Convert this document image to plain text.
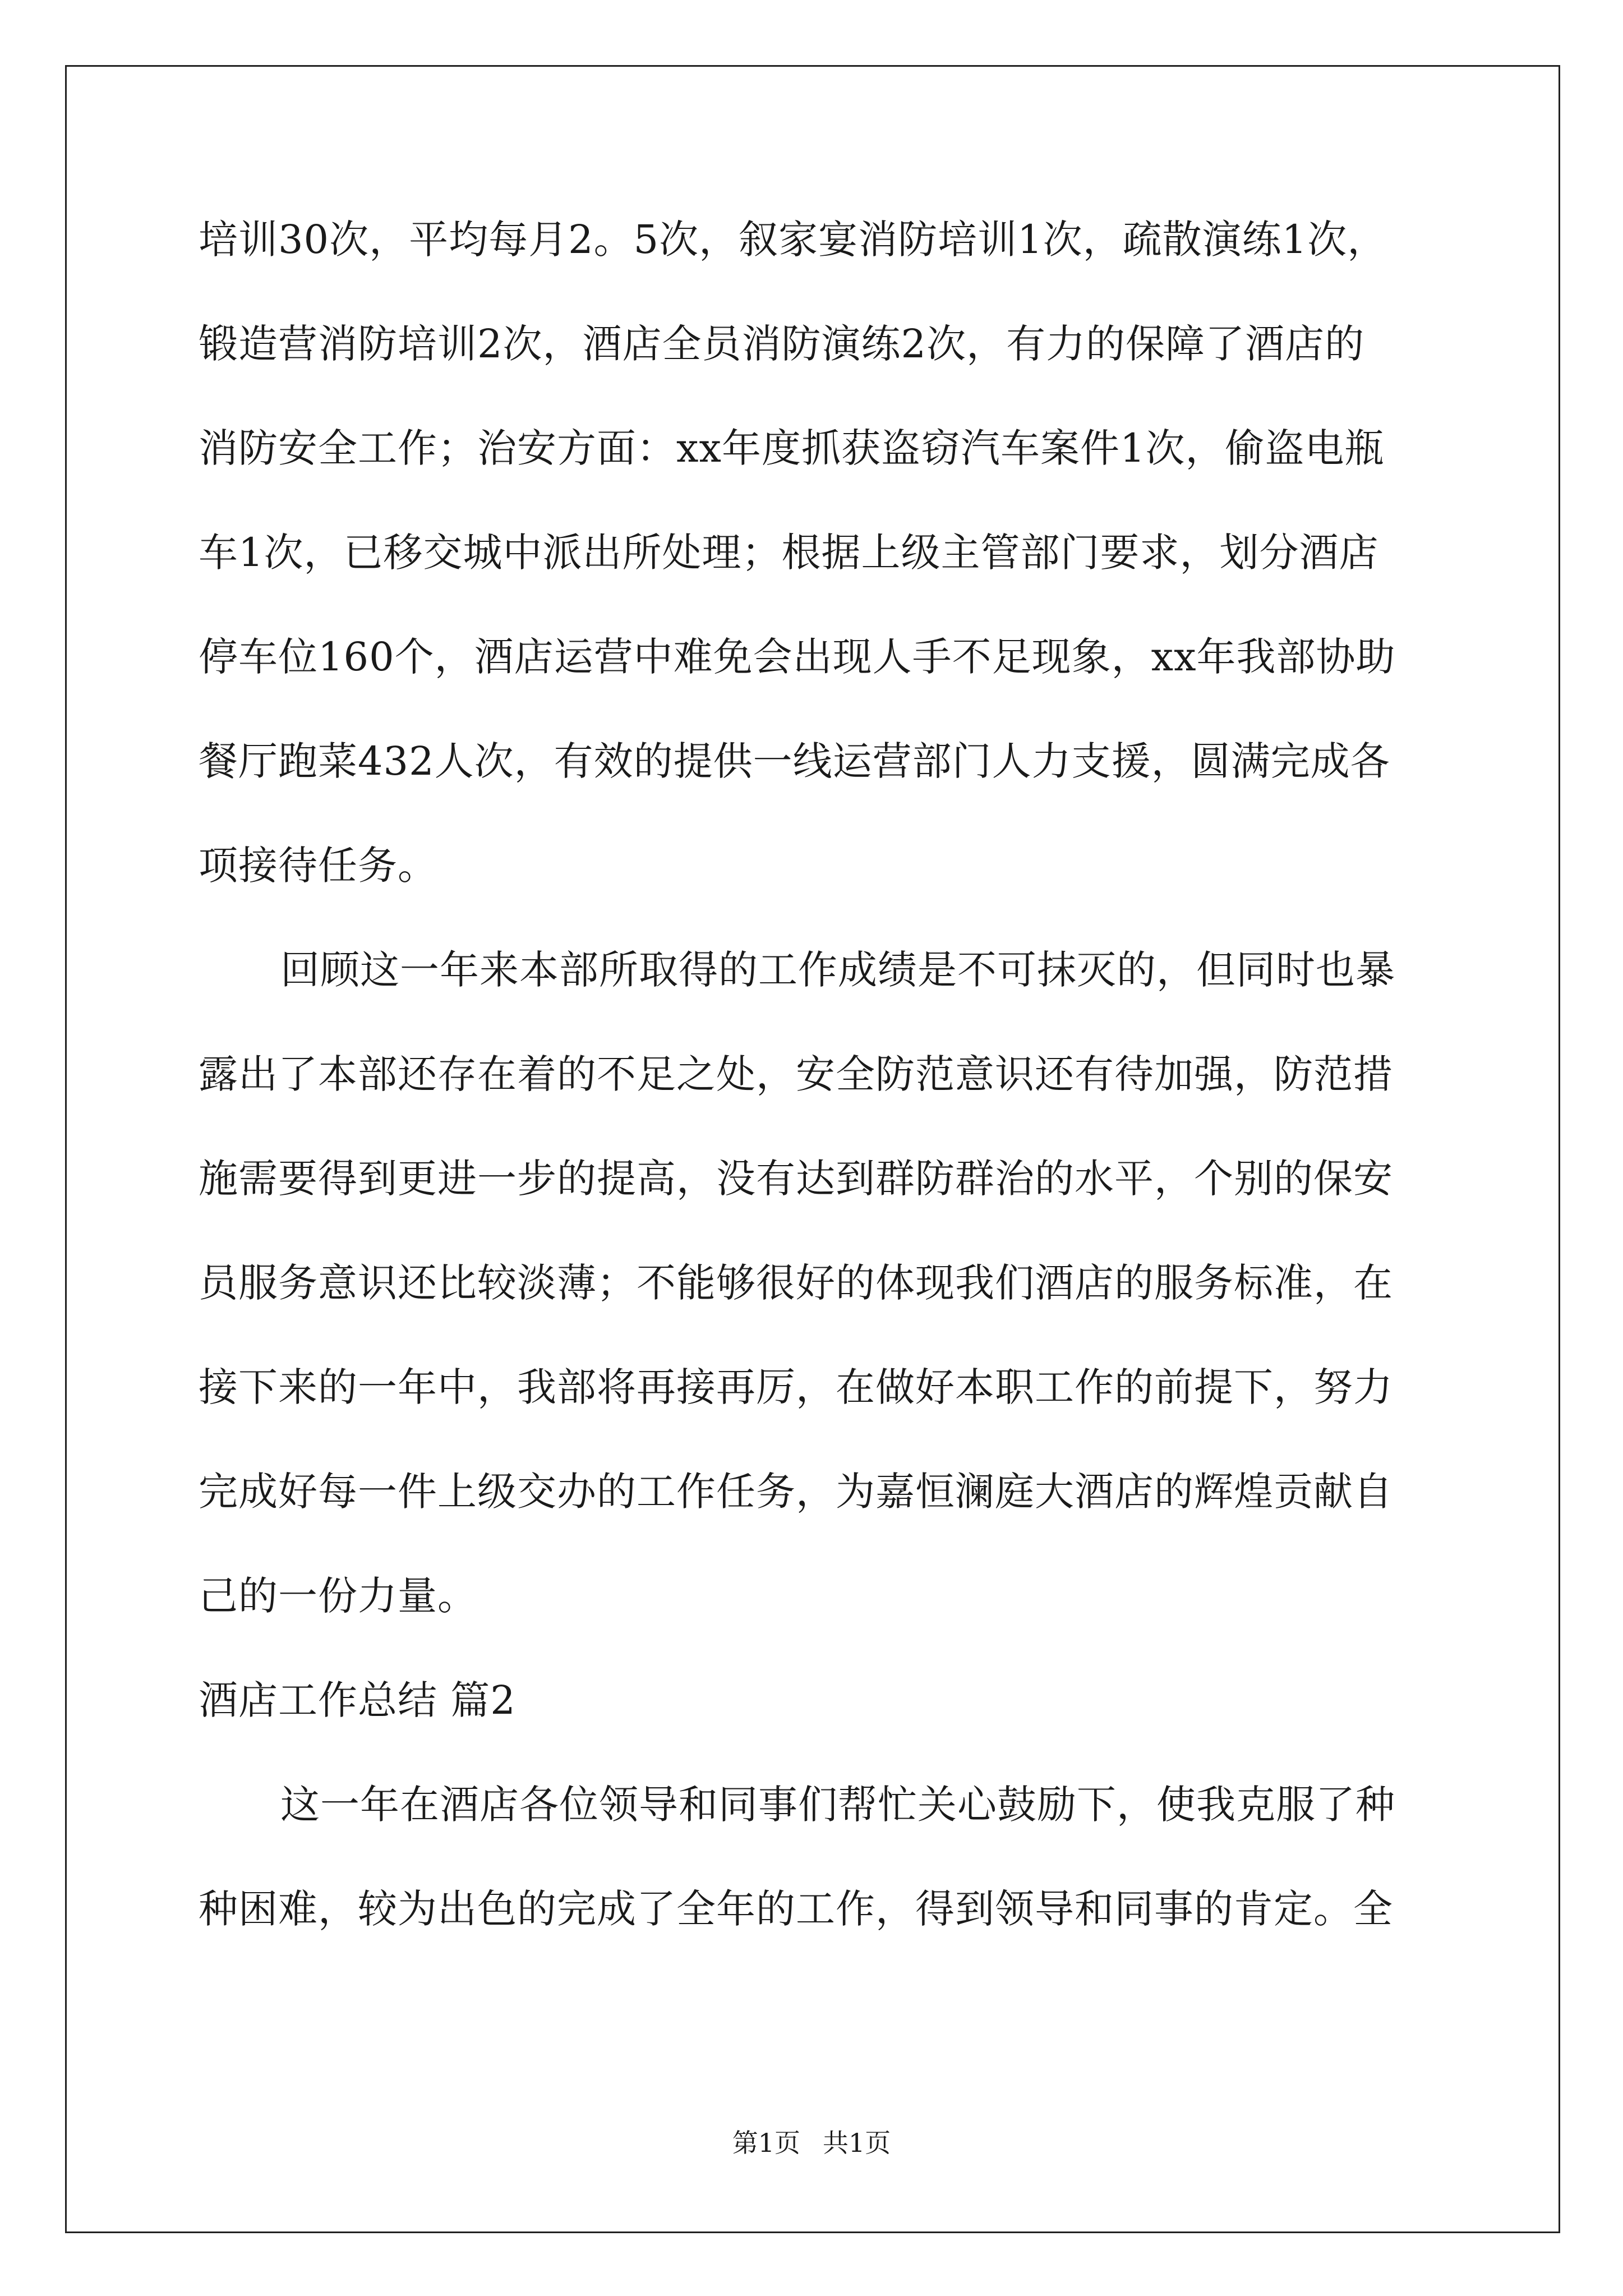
培训30次，平均每月2。5次，叙家宴消防培训1次，疏散演练1次，
锻造营消防培训2次，酒店全员消防演练2次，有力的保障了酒店的
消防安全工作；治安方面：xx年度抓获盗窃汽车案件1次，偷盗电瓶
车1次，已移交城中派出所处理；根据上级主管部门要求，划分酒店
停车位160个，酒店运营中难免会出现人手不足现象，xx年我部协助
餐厅跑菜432人次，有效的提供一线运营部门人力支援，圆满完成各
项接待任务。
回顾这一年来本部所取得的工作成绩是不可抹灭的，但同时也暴
露出了本部还存在着的不足之处，安全防范意识还有待加强，防范措
施需要得到更进一步的提高，没有达到群防群治的水平，个别的保安
员服务意识还比较淡薄；不能够很好的体现我们酒店的服务标准，在
接下来的一年中，我部将再接再厉，在做好本职工作的前提下，努力
完成好每一件上级交办的工作任务，为嘉恒澜庭大酒店的辉煌贡献自
己的一份力量。
酒店工作总结 篇2
这一年在酒店各位领导和同事们帮忙关心鼓励下，使我克服了种
种困难，较为出色的完成了全年的工作，得到领导和同事的肯定。全
第1页 共1页
